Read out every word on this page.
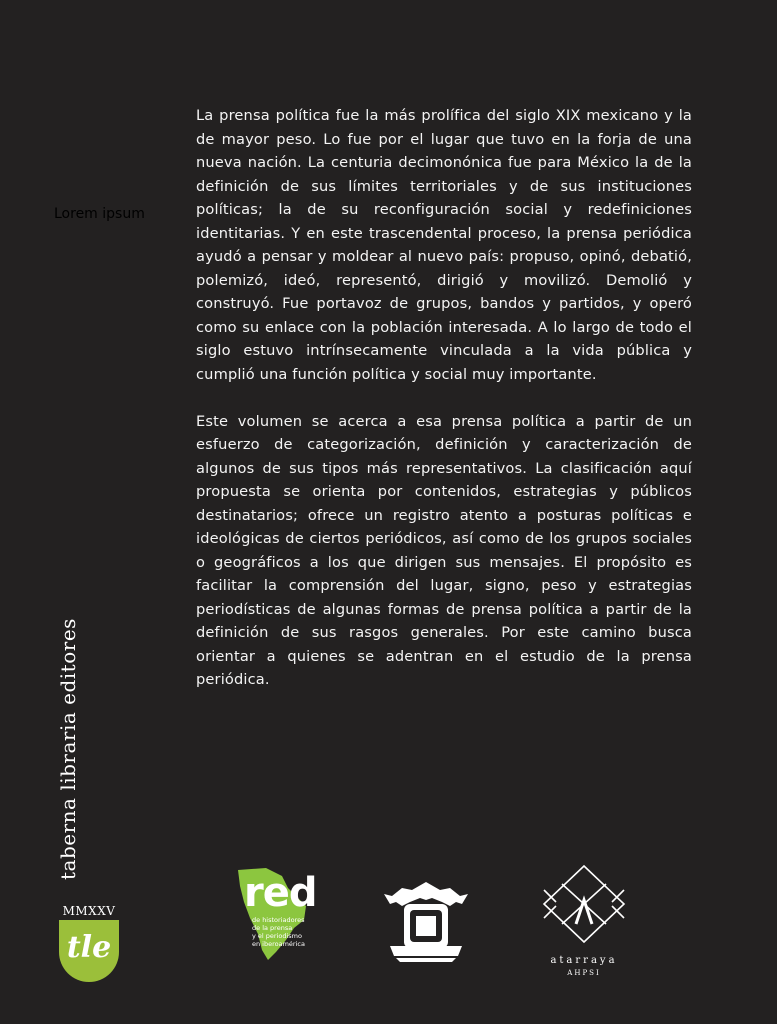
Lorem ipsum

La prensa política fue la más prolífica del siglo XIX mexicano y la de mayor peso. Lo fue por el lugar que tuvo en la forja de una nueva nación. La centuria decimonónica fue para México la de la definición de sus límites territoriales y de sus instituciones políticas; la de su reconfiguración social y redefiniciones identitarias. Y en este trascendental proceso, la prensa periódica ayudó a pensar y moldear al nuevo país: propuso, opinó, debatió, polemizó, ideó, representó, dirigió y movilizó. Demolió y construyó. Fue portavoz de grupos, bandos y partidos, y operó como su enlace con la población interesada. A lo largo de todo el siglo estuvo intrínsecamente vinculada a la vida pública y cumplió una función política y social muy importante.

Este volumen se acerca a esa prensa política a partir de un esfuerzo de categorización, definición y caracterización de algunos de sus tipos más representativos. La clasificación aquí propuesta se orienta por contenidos, estrategias y públicos destinatarios; ofrece un registro atento a posturas políticas e ideológicas de ciertos periódicos, así como de los grupos sociales o geográficos a los que dirigen sus mensajes. El propósito es facilitar la comprensión del lugar, signo, peso y estrategias periodísticas de algunas formas de prensa política a partir de la definición de sus rasgos generales. Por este camino busca orientar a quienes se adentran en el estudio de la prensa periódica.

taberna libraria editores
MMXXV
tle
red
de historiadores
de la prensa
y el periodismo
en iberoamérica
atarraya
AHPSI
